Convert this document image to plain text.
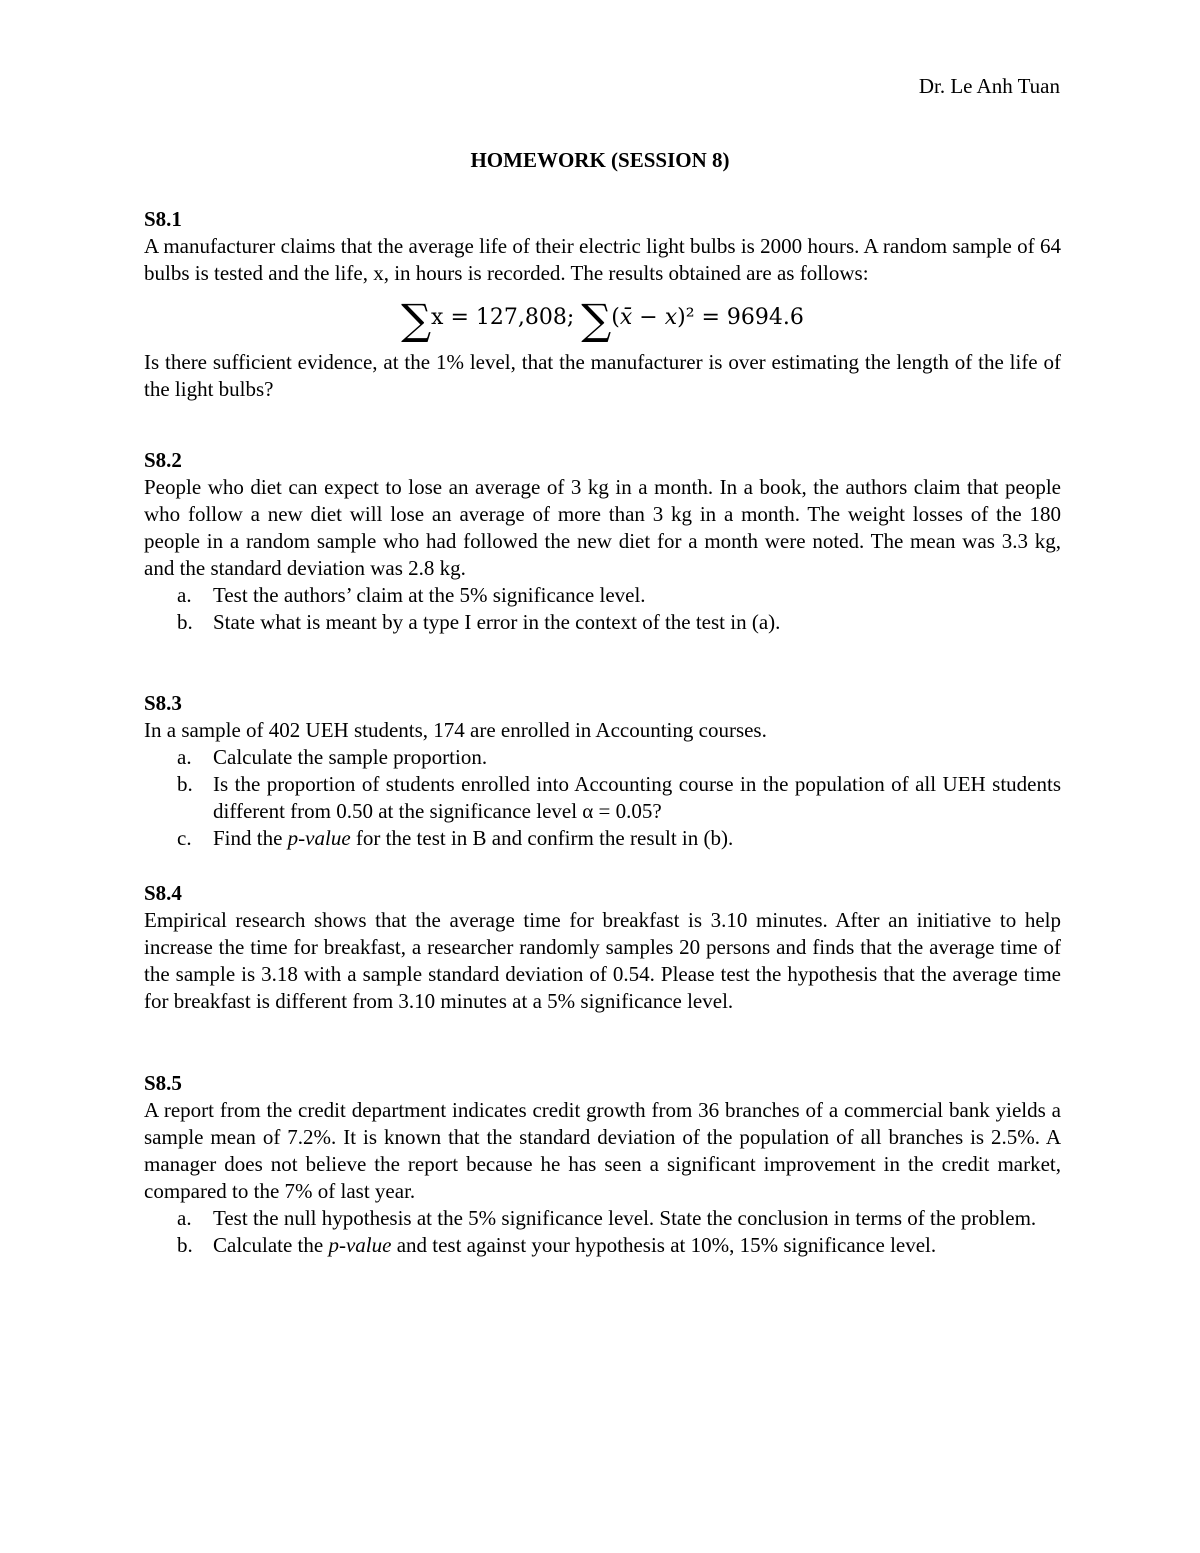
Dr. Le Anh Tuan
HOMEWORK (SESSION 8)

S8.1

A manufacturer claims that the average life of their electric light bulbs is 2000 hours. A random sample of 64 bulbs is tested and the life, x, in hours is recorded. The results obtained are as follows:

∑x = 127,808; ∑(x̄ − x)² = 9694.6

Is there sufficient evidence, at the 1% level, that the manufacturer is over estimating the length of the life of the light bulbs?

S8.2

People who diet can expect to lose an average of 3 kg in a month. In a book, the authors claim that people who follow a new diet will lose an average of more than 3 kg in a month. The weight losses of the 180 people in a random sample who had followed the new diet for a month were noted. The mean was 3.3 kg, and the standard deviation was 2.8 kg.

a. Test the authors’ claim at the 5% significance level.
b. State what is meant by a type I error in the context of the test in (a).

S8.3

In a sample of 402 UEH students, 174 are enrolled in Accounting courses.

a. Calculate the sample proportion.
b. Is the proportion of students enrolled into Accounting course in the population of all UEH students different from 0.50 at the significance level α = 0.05?
c. Find the p-value for the test in B and confirm the result in (b).

S8.4

Empirical research shows that the average time for breakfast is 3.10 minutes. After an initiative to help increase the time for breakfast, a researcher randomly samples 20 persons and finds that the average time of the sample is 3.18 with a sample standard deviation of 0.54. Please test the hypothesis that the average time for breakfast is different from 3.10 minutes at a 5% significance level.

S8.5

A report from the credit department indicates credit growth from 36 branches of a commercial bank yields a sample mean of 7.2%. It is known that the standard deviation of the population of all branches is 2.5%. A manager does not believe the report because he has seen a significant improvement in the credit market, compared to the 7% of last year.

a. Test the null hypothesis at the 5% significance level. State the conclusion in terms of the problem.
b. Calculate the p-value and test against your hypothesis at 10%, 15% significance level.
